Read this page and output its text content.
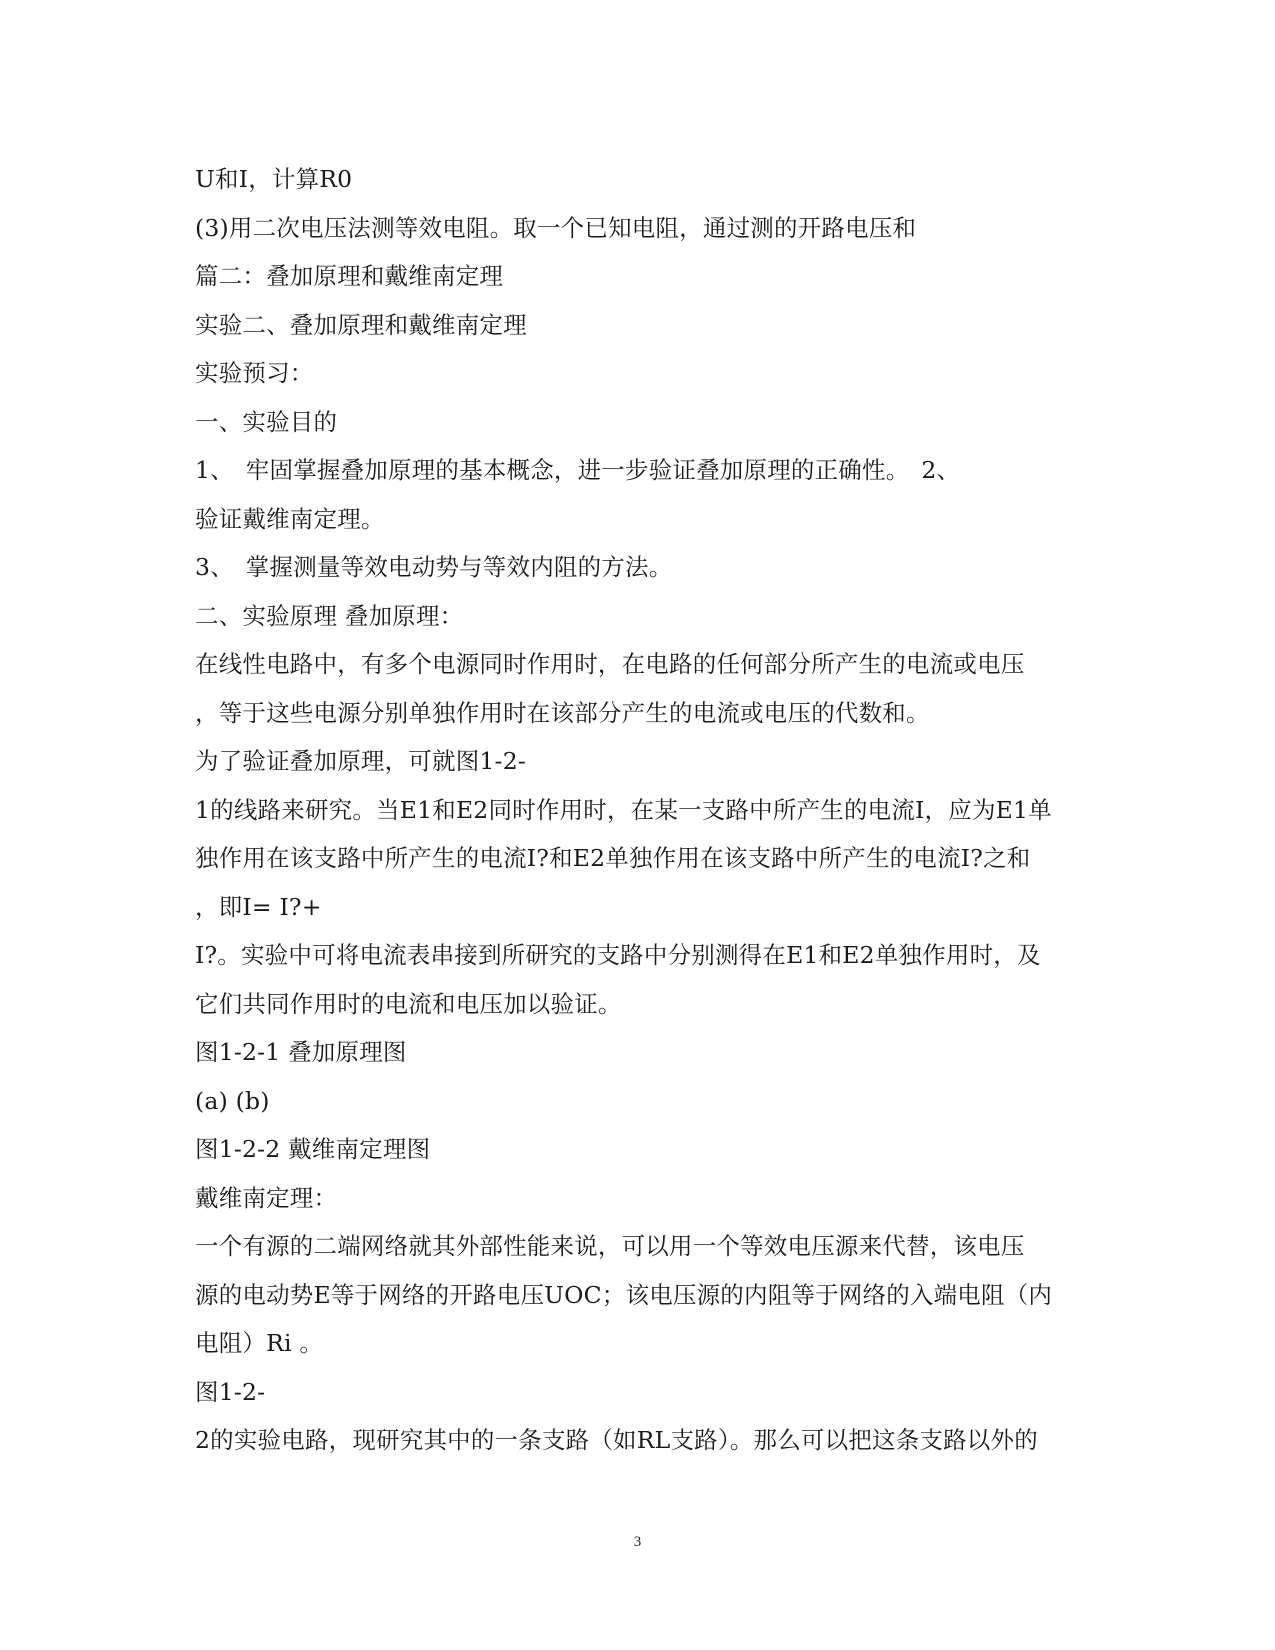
U和I，计算R0
(3)用二次电压法测等效电阻。取一个已知电阻，通过测的开路电压和
篇二：叠加原理和戴维南定理
实验二、叠加原理和戴维南定理
实验预习：
一、实验目的
1、　牢固掌握叠加原理的基本概念，进一步验证叠加原理的正确性。　2、
验证戴维南定理。
3、　掌握测量等效电动势与等效内阻的方法。
二、实验原理 叠加原理：
在线性电路中，有多个电源同时作用时，在电路的任何部分所产生的电流或电压
，等于这些电源分别单独作用时在该部分产生的电流或电压的代数和。
为了验证叠加原理，可就图1-2-
1的线路来研究。当E1和E2同时作用时，在某一支路中所产生的电流I，应为E1单
独作用在该支路中所产生的电流I?和E2单独作用在该支路中所产生的电流I?之和
，即I= I?+
I?。实验中可将电流表串接到所研究的支路中分别测得在E1和E2单独作用时，及
它们共同作用时的电流和电压加以验证。
图1-2-1 叠加原理图
(a) (b)
图1-2-2 戴维南定理图
戴维南定理：
一个有源的二端网络就其外部性能来说，可以用一个等效电压源来代替，该电压
源的电动势E等于网络的开路电压UOC；该电压源的内阻等于网络的入端电阻（内
电阻）Ri 。
图1-2-
2的实验电路，现研究其中的一条支路（如RL支路）。那么可以把这条支路以外的
3
